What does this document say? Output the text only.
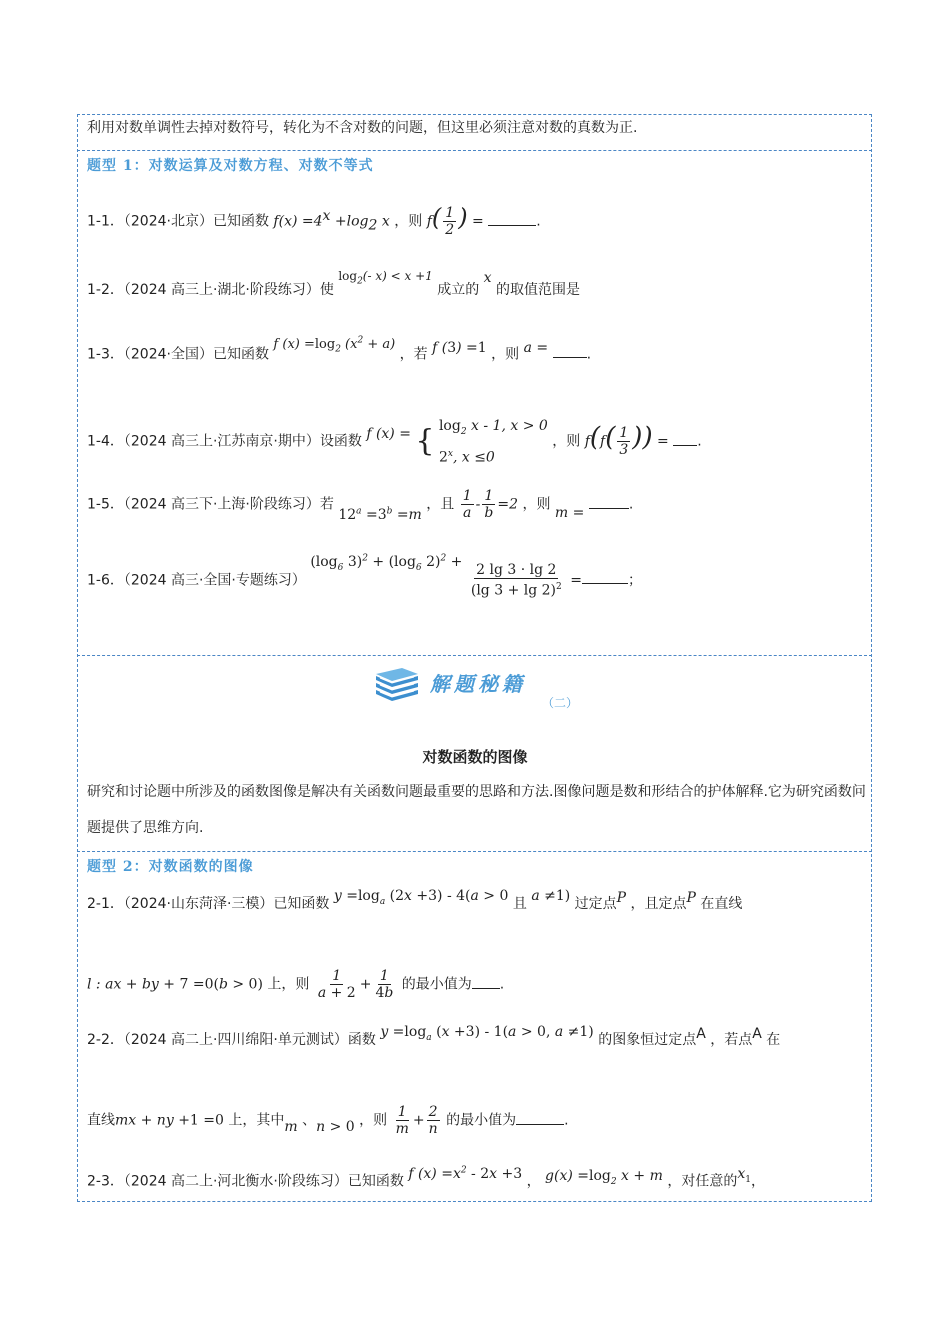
利用对数单调性去掉对数符号，转化为不含对数的问题，但这里必须注意对数的真数为正.
题型 1：对数运算及对数方程、对数不等式
1-1．（2024·北京）已知函数 $f(x) =4^x +\log_2$ x ，则 $f( \frac{1}{2}$ ) =	.
1-2．（2024 高三上·湖北·阶段练习）使 $\log_2(-$ x) < x +1 成立的 x 的取值范围是
1-3．（2024·全国）已知函数 f $(x) =\log_2$ $(x^2 + a)$ ，若 f (3) =1 ，则 a =	.
1-4．（2024 高三上·江苏南京·期中）设函数 f (x) = { $\log_2 x - 1$, x > 0
2$^x$, x ≤0
，则 $f(f( \frac{1}{3}$ )) = .
1-5．（2024 高三下·上海·阶段练习）若 $12^a =3^b =m$ ，且 $\frac{1}{a} - \frac{1}{b} =2$ ，则 m =	.
1-6．（2024 高三·全国·专题练习） ($\log_6$ $3)^2 + (\log_6$ $2)^2 + \frac{2 \lg 3 \cdot \lg 2}{(\lg 3 + \lg 2)^2}$ =	；
解题秘籍
（二）
对数函数的图像
研究和讨论题中所涉及的函数图像是解决有关函数问题最重要的思路和方法.图像问题是数和形结合的护体解释.它为研究函数问题提供了思维方向.
题型 2：对数函数的图像
2-1．（2024·山东菏泽·三模）已知函数 $y =\log_a$ (2x +3) - 4(a > 0 且 a ≠1) 过定点P ，且定点P 在直线
l : ax + by + 7 =0(b > 0) 上，则 $\frac{1}{a + 2} + \frac{1}{4b}$ 的最小值为 .
2-2．（2024 高二上·四川绵阳·单元测试）函数 $y =\log_a$ (x +3) - 1(a > 0, a ≠1) 的图象恒过定点A ，若点A 在
直线mx + ny +1 =0 上，其中m 、n > 0 ，则 $\frac{1}{m} + \frac{2}{n}$ 的最小值为	.
2-3．（2024 高二上·河北衡水·阶段练习）已知函数 f $(x) =x^2 - 2x +3$ ， $g(x) =\log_2$ x + m ，对任意的$x_1$，
